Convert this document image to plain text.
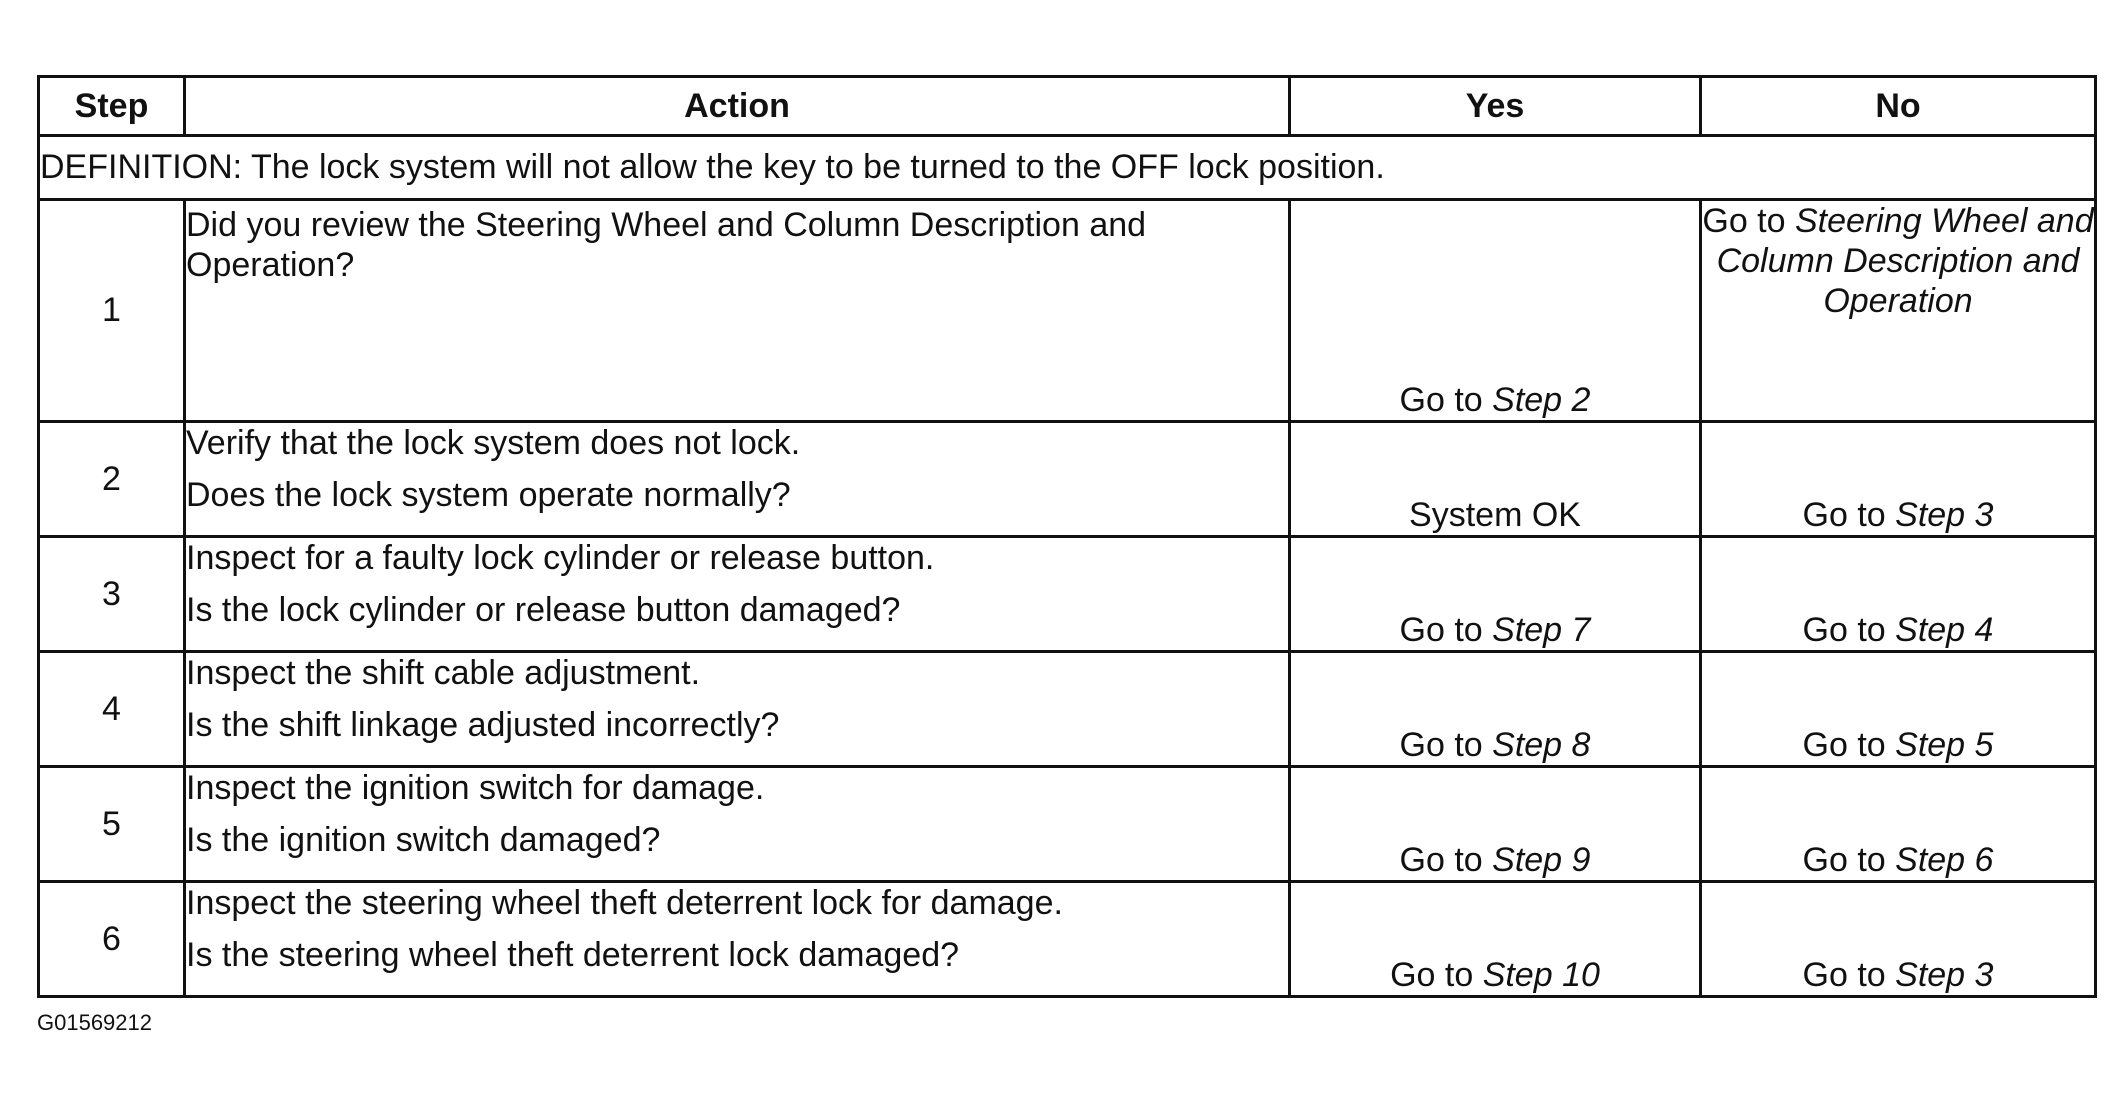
Step	Action	Yes	No
DEFINITION: The lock system will not allow the key to be turned to the OFF lock position.			
1	Did you review the Steering Wheel and Column Description and Operation?	Go to Step 2	Go to Steering Wheel and Column Description and Operation
2	Verify that the lock system does not lock.
Does the lock system operate normally?	System OK	Go to Step 3
3	Inspect for a faulty lock cylinder or release button.
Is the lock cylinder or release button damaged?	Go to Step 7	Go to Step 4
4	Inspect the shift cable adjustment.
Is the shift linkage adjusted incorrectly?	Go to Step 8	Go to Step 5
5	Inspect the ignition switch for damage.
Is the ignition switch damaged?	Go to Step 9	Go to Step 6
6	Inspect the steering wheel theft deterrent lock for damage.
Is the steering wheel theft deterrent lock damaged?	Go to Step 10	Go to Step 3
G01569212
